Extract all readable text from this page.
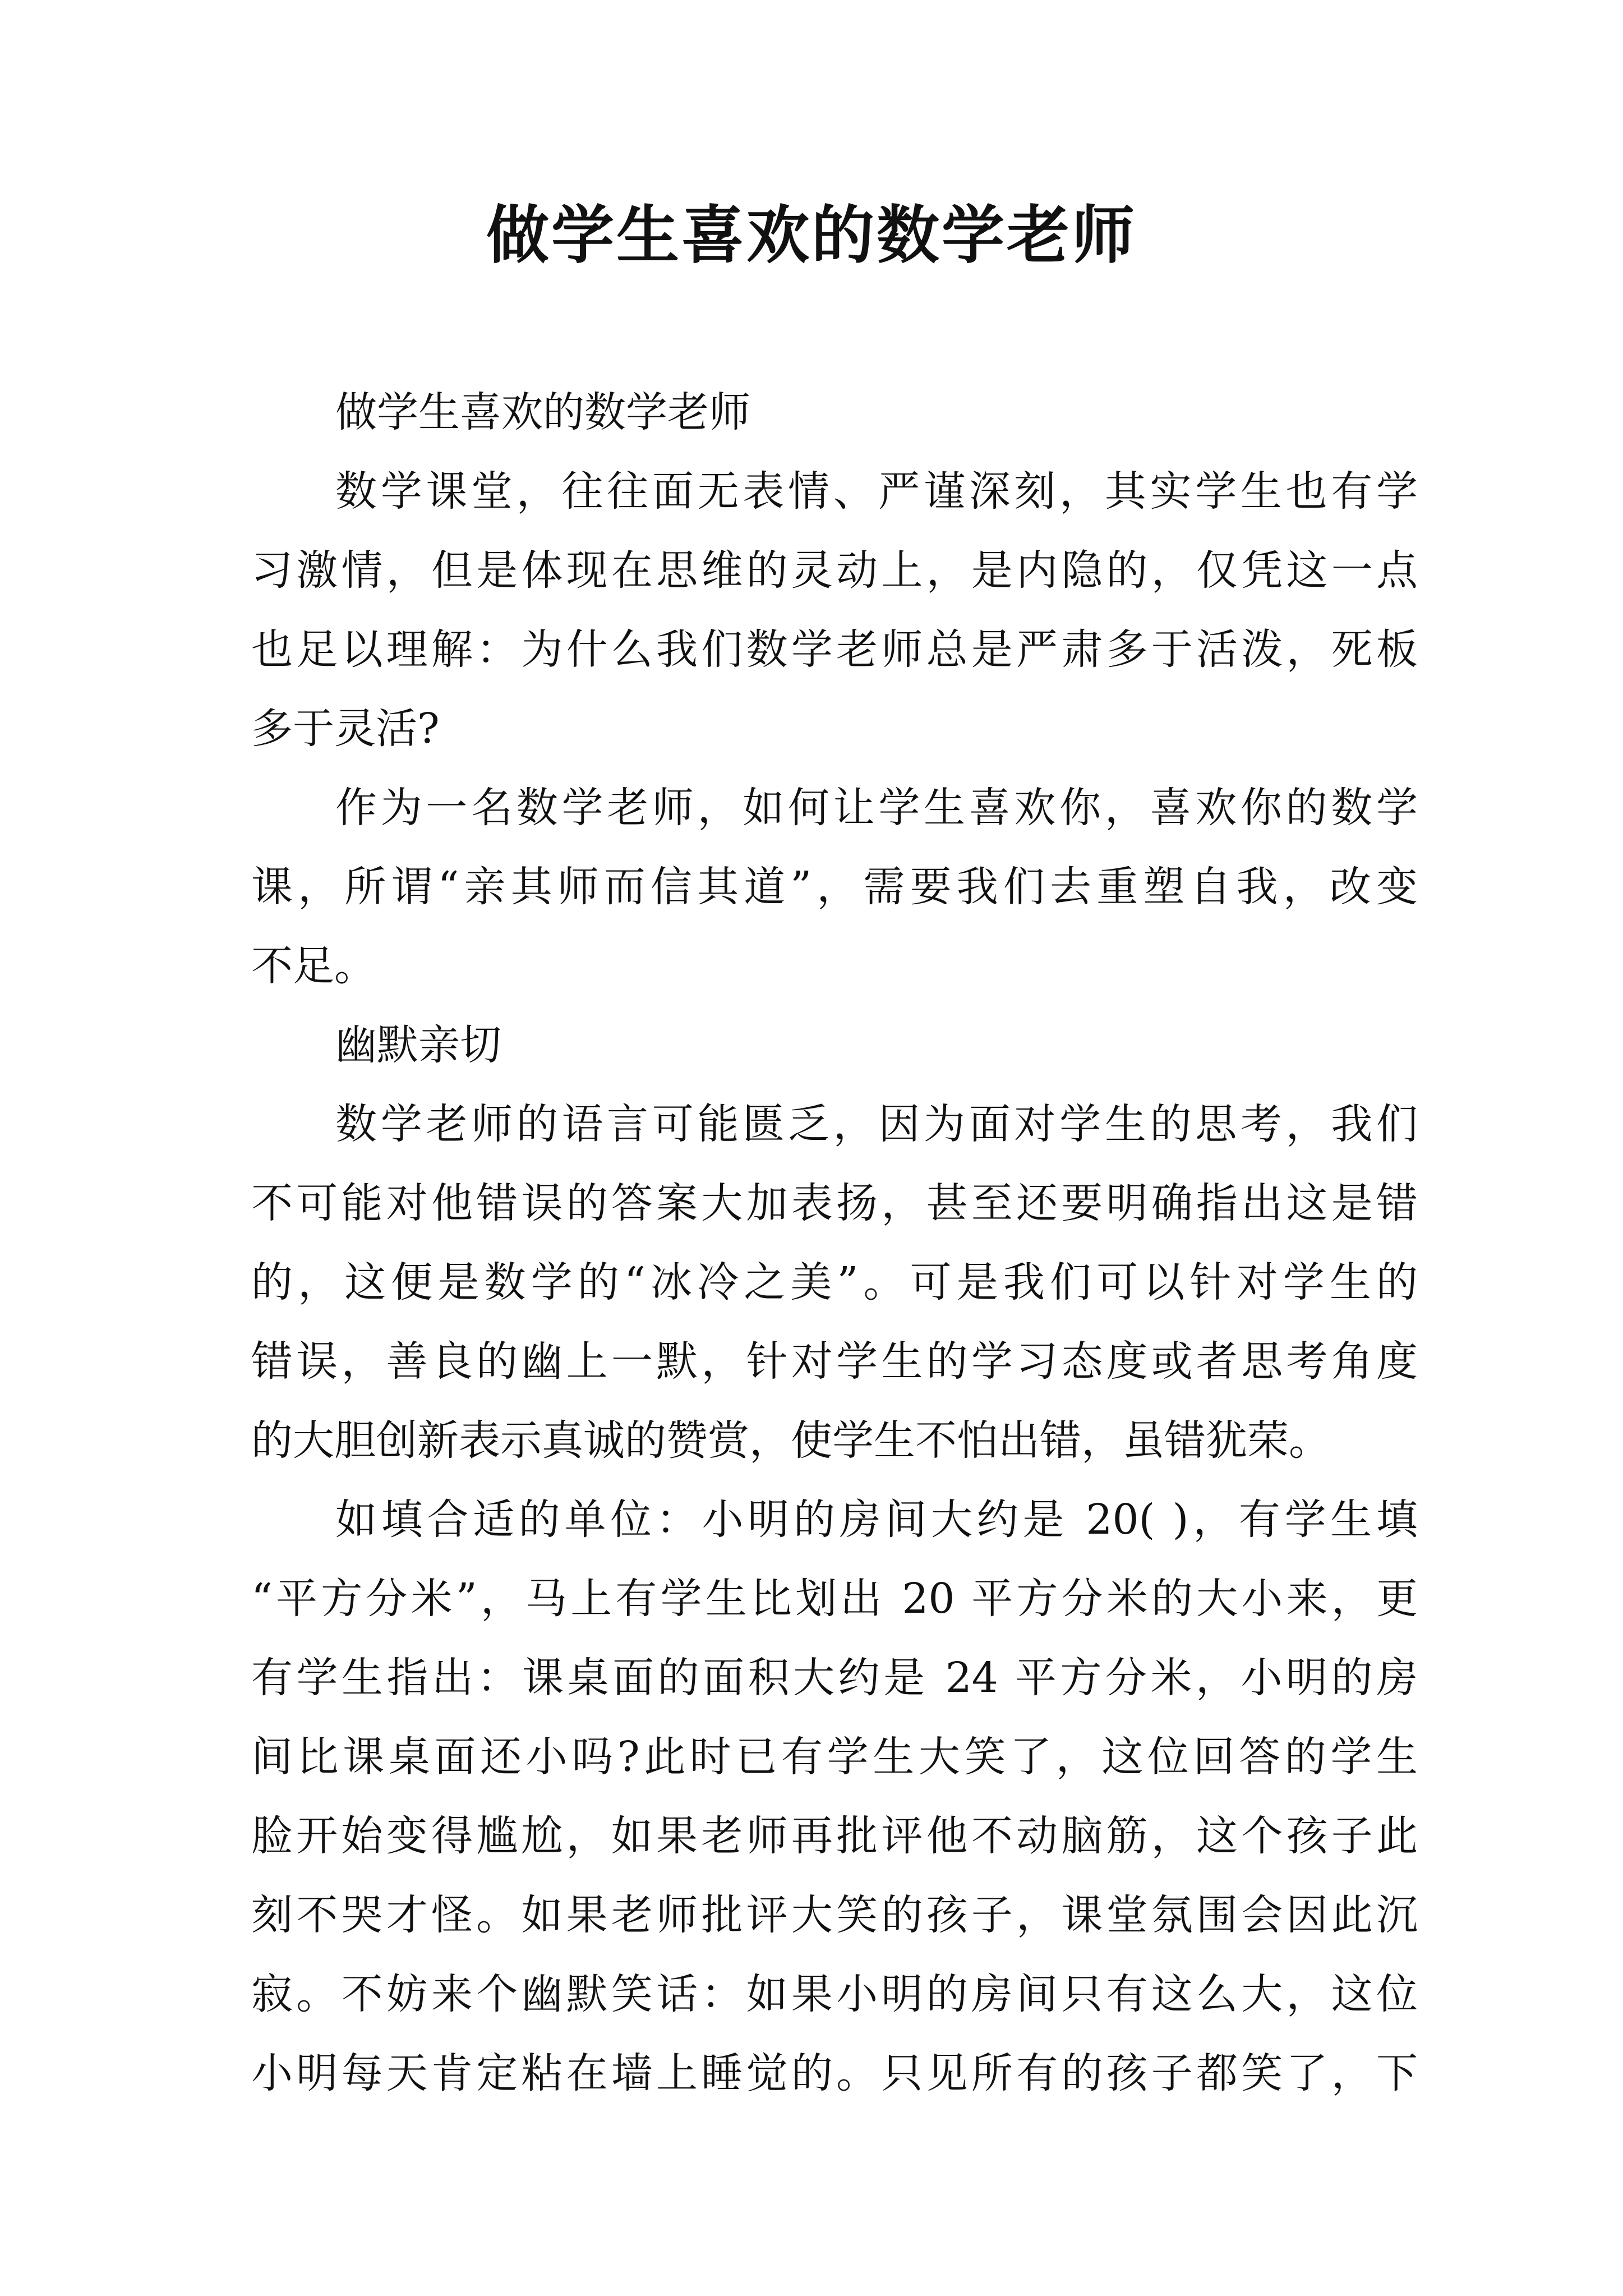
做学生喜欢的数学老师
做学生喜欢的数学老师
数学课堂，往往面无表情、严谨深刻，其实学生也有学
习激情，但是体现在思维的灵动上，是内隐的，仅凭这一点
也足以理解：为什么我们数学老师总是严肃多于活泼，死板
多于灵活?
作为一名数学老师，如何让学生喜欢你，喜欢你的数学
课，所谓“亲其师而信其道”，需要我们去重塑自我，改变
不足。
幽默亲切
数学老师的语言可能匮乏，因为面对学生的思考，我们
不可能对他错误的答案大加表扬，甚至还要明确指出这是错
的，这便是数学的“冰冷之美”。可是我们可以针对学生的
错误，善良的幽上一默，针对学生的学习态度或者思考角度
的大胆创新表示真诚的赞赏，使学生不怕出错，虽错犹荣。
如填合适的单位：小明的房间大约是 20( )，有学生填
“平方分米”，马上有学生比划出 20 平方分米的大小来，更
有学生指出：课桌面的面积大约是 24 平方分米，小明的房
间比课桌面还小吗?此时已有学生大笑了，这位回答的学生
脸开始变得尴尬，如果老师再批评他不动脑筋，这个孩子此
刻不哭才怪。如果老师批评大笑的孩子，课堂氛围会因此沉
寂。不妨来个幽默笑话：如果小明的房间只有这么大，这位
小明每天肯定粘在墙上睡觉的。只见所有的孩子都笑了，下
